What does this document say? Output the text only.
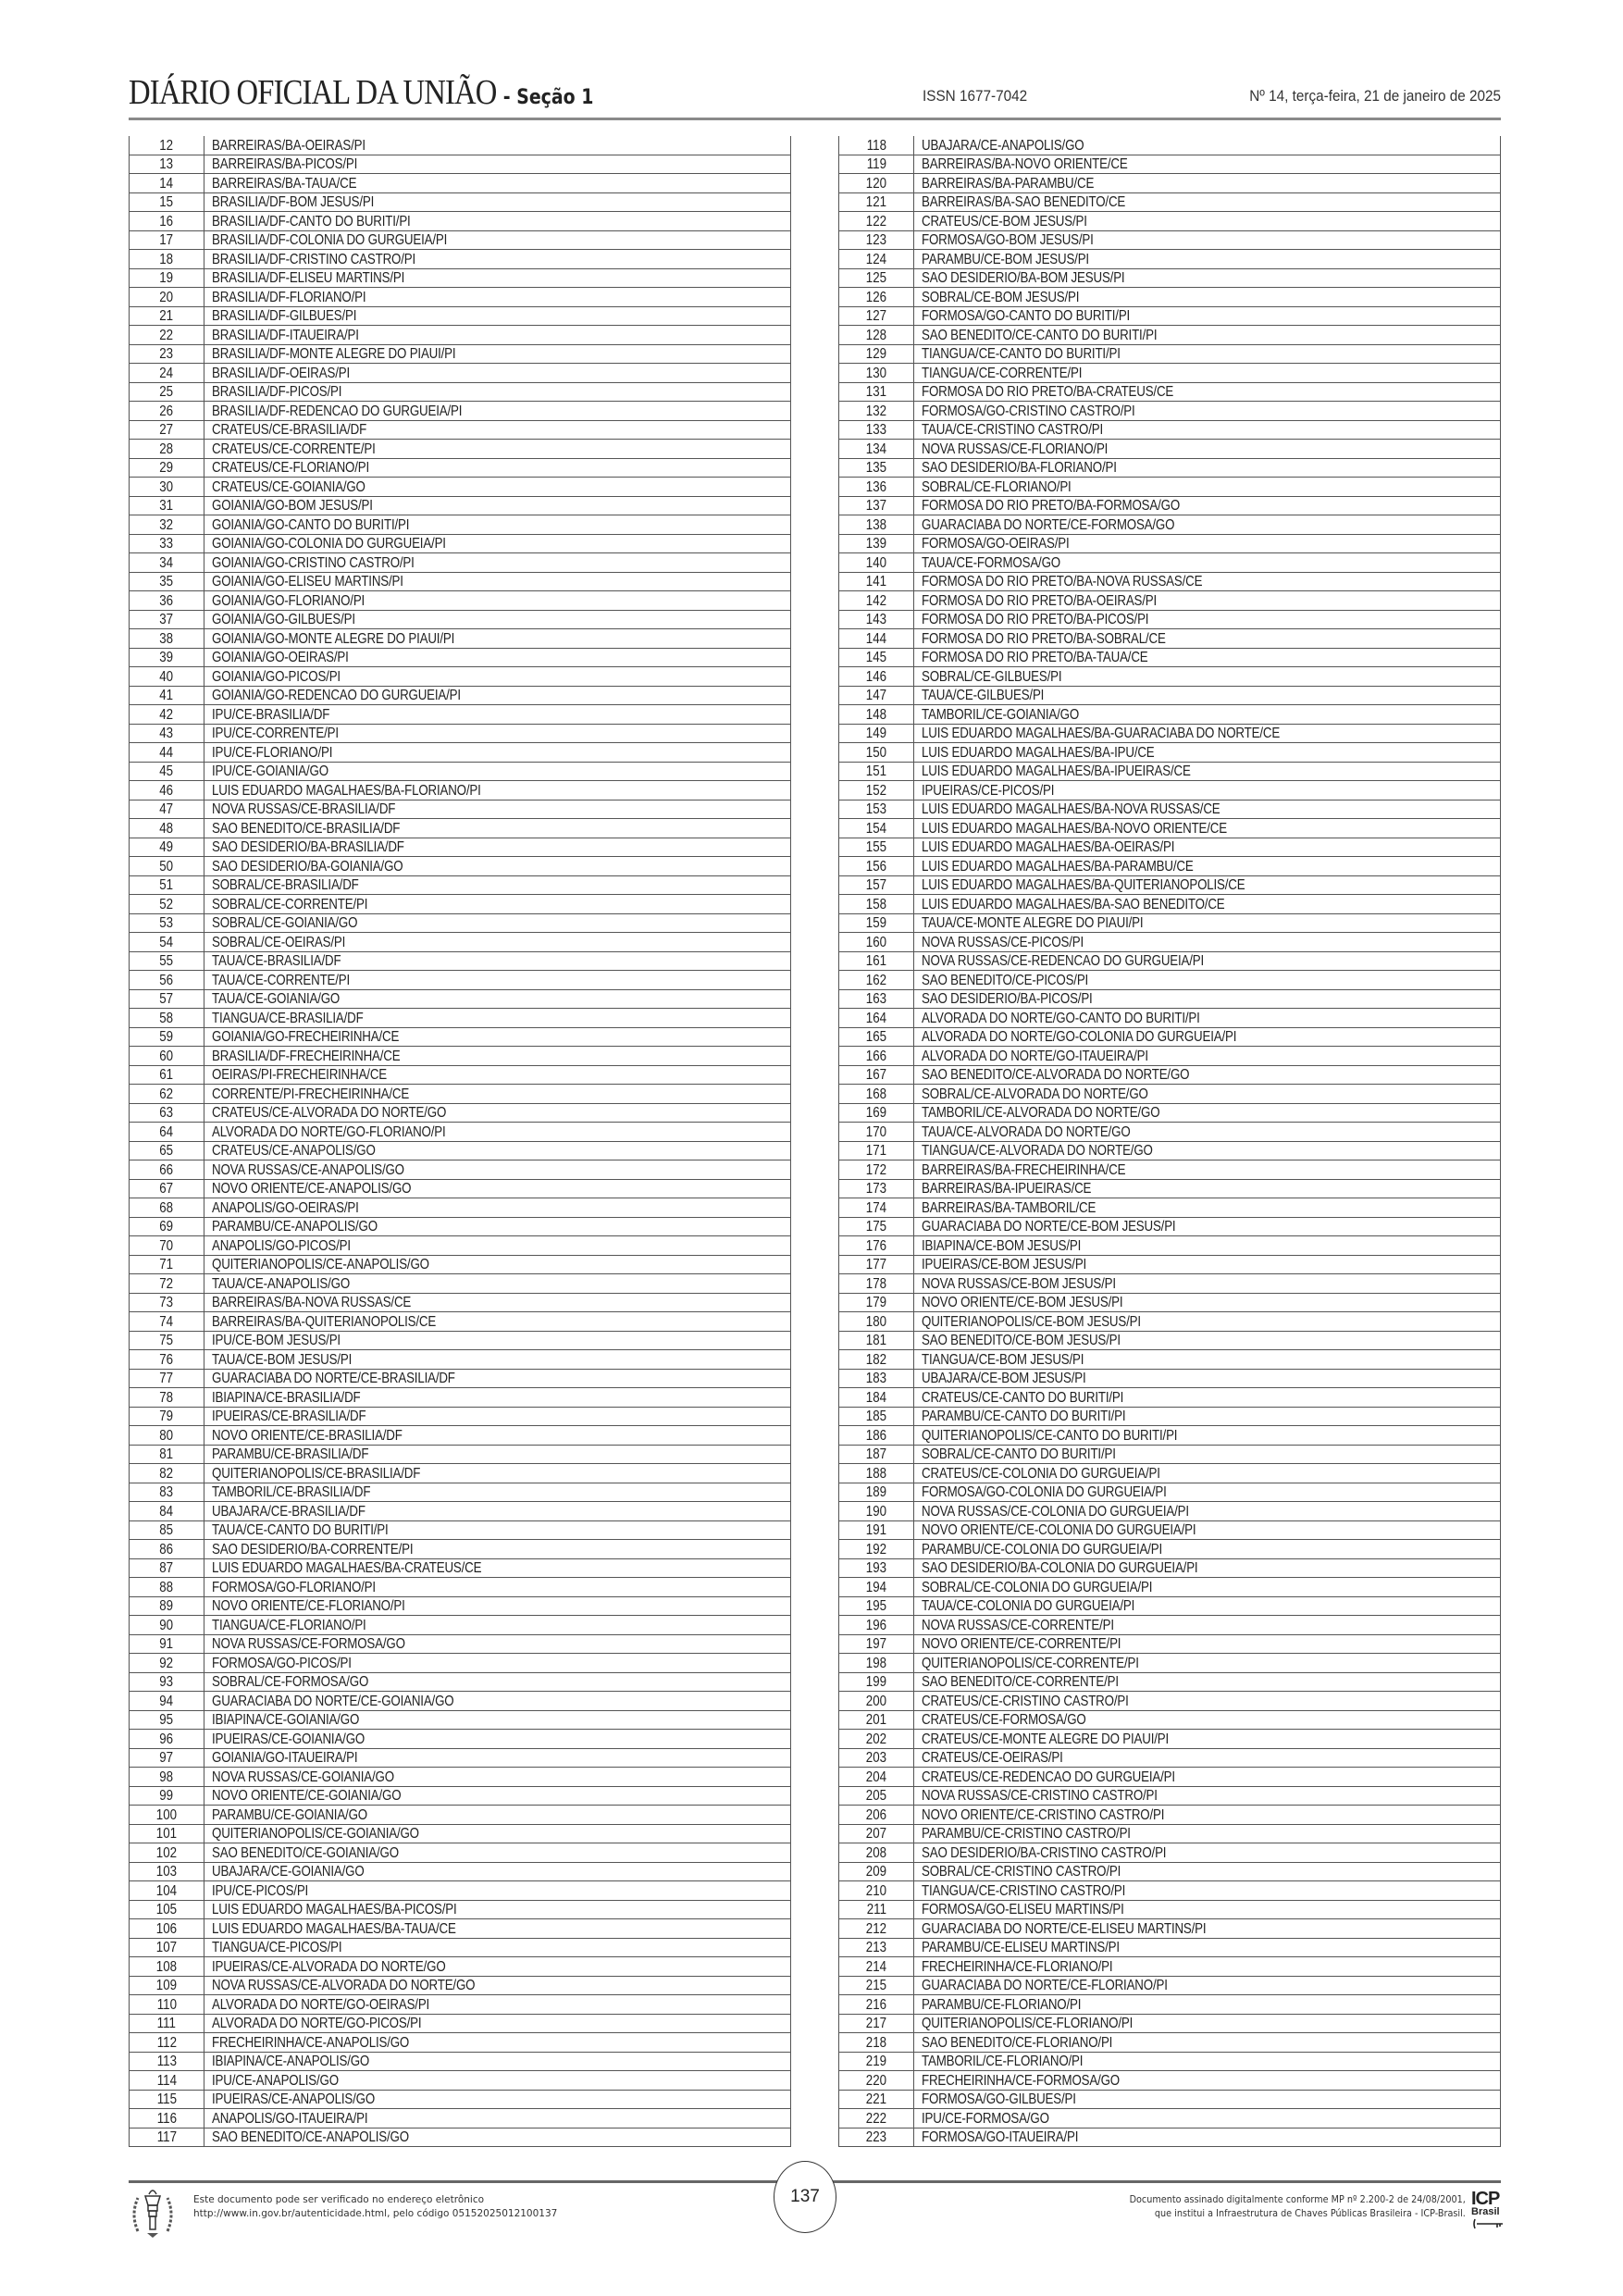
DIÁRIO OFICIAL DA UNIÃO - Seção 1	ISSN 1677-7042	Nº 14, terça-feira, 21 de janeiro de 2025
12	BARREIRAS/BA-OEIRAS/PI
13	BARREIRAS/BA-PICOS/PI
14	BARREIRAS/BA-TAUA/CE
15	BRASILIA/DF-BOM JESUS/PI
16	BRASILIA/DF-CANTO DO BURITI/PI
17	BRASILIA/DF-COLONIA DO GURGUEIA/PI
18	BRASILIA/DF-CRISTINO CASTRO/PI
19	BRASILIA/DF-ELISEU MARTINS/PI
20	BRASILIA/DF-FLORIANO/PI
21	BRASILIA/DF-GILBUES/PI
22	BRASILIA/DF-ITAUEIRA/PI
23	BRASILIA/DF-MONTE ALEGRE DO PIAUI/PI
24	BRASILIA/DF-OEIRAS/PI
25	BRASILIA/DF-PICOS/PI
26	BRASILIA/DF-REDENCAO DO GURGUEIA/PI
27	CRATEUS/CE-BRASILIA/DF
28	CRATEUS/CE-CORRENTE/PI
29	CRATEUS/CE-FLORIANO/PI
30	CRATEUS/CE-GOIANIA/GO
31	GOIANIA/GO-BOM JESUS/PI
32	GOIANIA/GO-CANTO DO BURITI/PI
33	GOIANIA/GO-COLONIA DO GURGUEIA/PI
34	GOIANIA/GO-CRISTINO CASTRO/PI
35	GOIANIA/GO-ELISEU MARTINS/PI
36	GOIANIA/GO-FLORIANO/PI
37	GOIANIA/GO-GILBUES/PI
38	GOIANIA/GO-MONTE ALEGRE DO PIAUI/PI
39	GOIANIA/GO-OEIRAS/PI
40	GOIANIA/GO-PICOS/PI
41	GOIANIA/GO-REDENCAO DO GURGUEIA/PI
42	IPU/CE-BRASILIA/DF
43	IPU/CE-CORRENTE/PI
44	IPU/CE-FLORIANO/PI
45	IPU/CE-GOIANIA/GO
46	LUIS EDUARDO MAGALHAES/BA-FLORIANO/PI
47	NOVA RUSSAS/CE-BRASILIA/DF
48	SAO BENEDITO/CE-BRASILIA/DF
49	SAO DESIDERIO/BA-BRASILIA/DF
50	SAO DESIDERIO/BA-GOIANIA/GO
51	SOBRAL/CE-BRASILIA/DF
52	SOBRAL/CE-CORRENTE/PI
53	SOBRAL/CE-GOIANIA/GO
54	SOBRAL/CE-OEIRAS/PI
55	TAUA/CE-BRASILIA/DF
56	TAUA/CE-CORRENTE/PI
57	TAUA/CE-GOIANIA/GO
58	TIANGUA/CE-BRASILIA/DF
59	GOIANIA/GO-FRECHEIRINHA/CE
60	BRASILIA/DF-FRECHEIRINHA/CE
61	OEIRAS/PI-FRECHEIRINHA/CE
62	CORRENTE/PI-FRECHEIRINHA/CE
63	CRATEUS/CE-ALVORADA DO NORTE/GO
64	ALVORADA DO NORTE/GO-FLORIANO/PI
65	CRATEUS/CE-ANAPOLIS/GO
66	NOVA RUSSAS/CE-ANAPOLIS/GO
67	NOVO ORIENTE/CE-ANAPOLIS/GO
68	ANAPOLIS/GO-OEIRAS/PI
69	PARAMBU/CE-ANAPOLIS/GO
70	ANAPOLIS/GO-PICOS/PI
71	QUITERIANOPOLIS/CE-ANAPOLIS/GO
72	TAUA/CE-ANAPOLIS/GO
73	BARREIRAS/BA-NOVA RUSSAS/CE
74	BARREIRAS/BA-QUITERIANOPOLIS/CE
75	IPU/CE-BOM JESUS/PI
76	TAUA/CE-BOM JESUS/PI
77	GUARACIABA DO NORTE/CE-BRASILIA/DF
78	IBIAPINA/CE-BRASILIA/DF
79	IPUEIRAS/CE-BRASILIA/DF
80	NOVO ORIENTE/CE-BRASILIA/DF
81	PARAMBU/CE-BRASILIA/DF
82	QUITERIANOPOLIS/CE-BRASILIA/DF
83	TAMBORIL/CE-BRASILIA/DF
84	UBAJARA/CE-BRASILIA/DF
85	TAUA/CE-CANTO DO BURITI/PI
86	SAO DESIDERIO/BA-CORRENTE/PI
87	LUIS EDUARDO MAGALHAES/BA-CRATEUS/CE
88	FORMOSA/GO-FLORIANO/PI
89	NOVO ORIENTE/CE-FLORIANO/PI
90	TIANGUA/CE-FLORIANO/PI
91	NOVA RUSSAS/CE-FORMOSA/GO
92	FORMOSA/GO-PICOS/PI
93	SOBRAL/CE-FORMOSA/GO
94	GUARACIABA DO NORTE/CE-GOIANIA/GO
95	IBIAPINA/CE-GOIANIA/GO
96	IPUEIRAS/CE-GOIANIA/GO
97	GOIANIA/GO-ITAUEIRA/PI
98	NOVA RUSSAS/CE-GOIANIA/GO
99	NOVO ORIENTE/CE-GOIANIA/GO
100	PARAMBU/CE-GOIANIA/GO
101	QUITERIANOPOLIS/CE-GOIANIA/GO
102	SAO BENEDITO/CE-GOIANIA/GO
103	UBAJARA/CE-GOIANIA/GO
104	IPU/CE-PICOS/PI
105	LUIS EDUARDO MAGALHAES/BA-PICOS/PI
106	LUIS EDUARDO MAGALHAES/BA-TAUA/CE
107	TIANGUA/CE-PICOS/PI
108	IPUEIRAS/CE-ALVORADA DO NORTE/GO
109	NOVA RUSSAS/CE-ALVORADA DO NORTE/GO
110	ALVORADA DO NORTE/GO-OEIRAS/PI
111	ALVORADA DO NORTE/GO-PICOS/PI
112	FRECHEIRINHA/CE-ANAPOLIS/GO
113	IBIAPINA/CE-ANAPOLIS/GO
114	IPU/CE-ANAPOLIS/GO
115	IPUEIRAS/CE-ANAPOLIS/GO
116	ANAPOLIS/GO-ITAUEIRA/PI
117	SAO BENEDITO/CE-ANAPOLIS/GO
118	UBAJARA/CE-ANAPOLIS/GO
119	BARREIRAS/BA-NOVO ORIENTE/CE
120	BARREIRAS/BA-PARAMBU/CE
121	BARREIRAS/BA-SAO BENEDITO/CE
122	CRATEUS/CE-BOM JESUS/PI
123	FORMOSA/GO-BOM JESUS/PI
124	PARAMBU/CE-BOM JESUS/PI
125	SAO DESIDERIO/BA-BOM JESUS/PI
126	SOBRAL/CE-BOM JESUS/PI
127	FORMOSA/GO-CANTO DO BURITI/PI
128	SAO BENEDITO/CE-CANTO DO BURITI/PI
129	TIANGUA/CE-CANTO DO BURITI/PI
130	TIANGUA/CE-CORRENTE/PI
131	FORMOSA DO RIO PRETO/BA-CRATEUS/CE
132	FORMOSA/GO-CRISTINO CASTRO/PI
133	TAUA/CE-CRISTINO CASTRO/PI
134	NOVA RUSSAS/CE-FLORIANO/PI
135	SAO DESIDERIO/BA-FLORIANO/PI
136	SOBRAL/CE-FLORIANO/PI
137	FORMOSA DO RIO PRETO/BA-FORMOSA/GO
138	GUARACIABA DO NORTE/CE-FORMOSA/GO
139	FORMOSA/GO-OEIRAS/PI
140	TAUA/CE-FORMOSA/GO
141	FORMOSA DO RIO PRETO/BA-NOVA RUSSAS/CE
142	FORMOSA DO RIO PRETO/BA-OEIRAS/PI
143	FORMOSA DO RIO PRETO/BA-PICOS/PI
144	FORMOSA DO RIO PRETO/BA-SOBRAL/CE
145	FORMOSA DO RIO PRETO/BA-TAUA/CE
146	SOBRAL/CE-GILBUES/PI
147	TAUA/CE-GILBUES/PI
148	TAMBORIL/CE-GOIANIA/GO
149	LUIS EDUARDO MAGALHAES/BA-GUARACIABA DO NORTE/CE
150	LUIS EDUARDO MAGALHAES/BA-IPU/CE
151	LUIS EDUARDO MAGALHAES/BA-IPUEIRAS/CE
152	IPUEIRAS/CE-PICOS/PI
153	LUIS EDUARDO MAGALHAES/BA-NOVA RUSSAS/CE
154	LUIS EDUARDO MAGALHAES/BA-NOVO ORIENTE/CE
155	LUIS EDUARDO MAGALHAES/BA-OEIRAS/PI
156	LUIS EDUARDO MAGALHAES/BA-PARAMBU/CE
157	LUIS EDUARDO MAGALHAES/BA-QUITERIANOPOLIS/CE
158	LUIS EDUARDO MAGALHAES/BA-SAO BENEDITO/CE
159	TAUA/CE-MONTE ALEGRE DO PIAUI/PI
160	NOVA RUSSAS/CE-PICOS/PI
161	NOVA RUSSAS/CE-REDENCAO DO GURGUEIA/PI
162	SAO BENEDITO/CE-PICOS/PI
163	SAO DESIDERIO/BA-PICOS/PI
164	ALVORADA DO NORTE/GO-CANTO DO BURITI/PI
165	ALVORADA DO NORTE/GO-COLONIA DO GURGUEIA/PI
166	ALVORADA DO NORTE/GO-ITAUEIRA/PI
167	SAO BENEDITO/CE-ALVORADA DO NORTE/GO
168	SOBRAL/CE-ALVORADA DO NORTE/GO
169	TAMBORIL/CE-ALVORADA DO NORTE/GO
170	TAUA/CE-ALVORADA DO NORTE/GO
171	TIANGUA/CE-ALVORADA DO NORTE/GO
172	BARREIRAS/BA-FRECHEIRINHA/CE
173	BARREIRAS/BA-IPUEIRAS/CE
174	BARREIRAS/BA-TAMBORIL/CE
175	GUARACIABA DO NORTE/CE-BOM JESUS/PI
176	IBIAPINA/CE-BOM JESUS/PI
177	IPUEIRAS/CE-BOM JESUS/PI
178	NOVA RUSSAS/CE-BOM JESUS/PI
179	NOVO ORIENTE/CE-BOM JESUS/PI
180	QUITERIANOPOLIS/CE-BOM JESUS/PI
181	SAO BENEDITO/CE-BOM JESUS/PI
182	TIANGUA/CE-BOM JESUS/PI
183	UBAJARA/CE-BOM JESUS/PI
184	CRATEUS/CE-CANTO DO BURITI/PI
185	PARAMBU/CE-CANTO DO BURITI/PI
186	QUITERIANOPOLIS/CE-CANTO DO BURITI/PI
187	SOBRAL/CE-CANTO DO BURITI/PI
188	CRATEUS/CE-COLONIA DO GURGUEIA/PI
189	FORMOSA/GO-COLONIA DO GURGUEIA/PI
190	NOVA RUSSAS/CE-COLONIA DO GURGUEIA/PI
191	NOVO ORIENTE/CE-COLONIA DO GURGUEIA/PI
192	PARAMBU/CE-COLONIA DO GURGUEIA/PI
193	SAO DESIDERIO/BA-COLONIA DO GURGUEIA/PI
194	SOBRAL/CE-COLONIA DO GURGUEIA/PI
195	TAUA/CE-COLONIA DO GURGUEIA/PI
196	NOVA RUSSAS/CE-CORRENTE/PI
197	NOVO ORIENTE/CE-CORRENTE/PI
198	QUITERIANOPOLIS/CE-CORRENTE/PI
199	SAO BENEDITO/CE-CORRENTE/PI
200	CRATEUS/CE-CRISTINO CASTRO/PI
201	CRATEUS/CE-FORMOSA/GO
202	CRATEUS/CE-MONTE ALEGRE DO PIAUI/PI
203	CRATEUS/CE-OEIRAS/PI
204	CRATEUS/CE-REDENCAO DO GURGUEIA/PI
205	NOVA RUSSAS/CE-CRISTINO CASTRO/PI
206	NOVO ORIENTE/CE-CRISTINO CASTRO/PI
207	PARAMBU/CE-CRISTINO CASTRO/PI
208	SAO DESIDERIO/BA-CRISTINO CASTRO/PI
209	SOBRAL/CE-CRISTINO CASTRO/PI
210	TIANGUA/CE-CRISTINO CASTRO/PI
211	FORMOSA/GO-ELISEU MARTINS/PI
212	GUARACIABA DO NORTE/CE-ELISEU MARTINS/PI
213	PARAMBU/CE-ELISEU MARTINS/PI
214	FRECHEIRINHA/CE-FLORIANO/PI
215	GUARACIABA DO NORTE/CE-FLORIANO/PI
216	PARAMBU/CE-FLORIANO/PI
217	QUITERIANOPOLIS/CE-FLORIANO/PI
218	SAO BENEDITO/CE-FLORIANO/PI
219	TAMBORIL/CE-FLORIANO/PI
220	FRECHEIRINHA/CE-FORMOSA/GO
221	FORMOSA/GO-GILBUES/PI
222	IPU/CE-FORMOSA/GO
223	FORMOSA/GO-ITAUEIRA/PI
Este documento pode ser verificado no endereço eletrônico
http://www.in.gov.br/autenticidade.html, pelo código 05152025012100137
137	Documento assinado digitalmente conforme MP nº 2.200-2 de 24/08/2001,
que institui a Infraestrutura de Chaves Públicas Brasileira - ICP-Brasil.
ICP
Brasil
